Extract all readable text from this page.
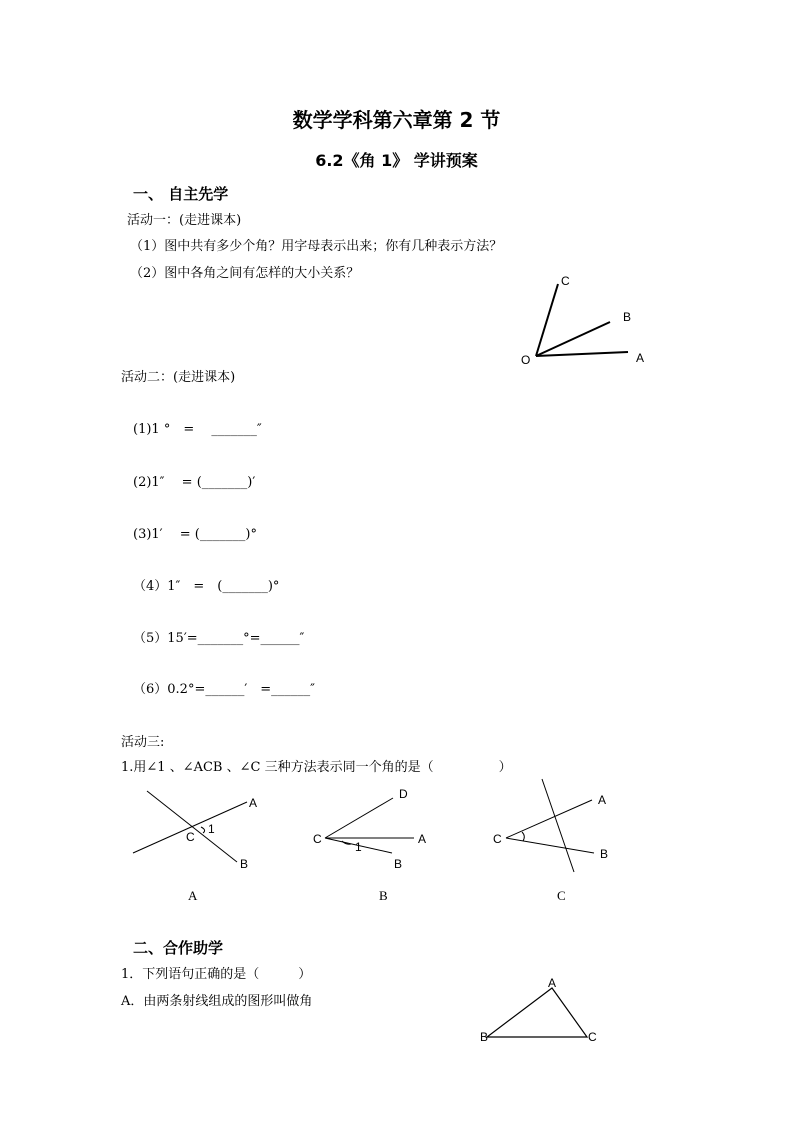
数学学科第六章第 2 节
6.2《角 1》 学讲预案
一、 自主先学
活动一：(走进课本)
（1）图中共有多少个角？用字母表示出来；你有几种表示方法？
（2）图中各角之间有怎样的大小关系？	C
B
O	A
活动二：(走进课本)
(1)1 °　=　 _______″
(2)1″　 = (_______)′
(3)1′　 = (_______)°
（4）1″　=　(_______)°
（5）15′=_______°=______″
（6）0.2°=______′　=______″
活动三:
1.用∠1 、∠ACB 、∠C 三种方法表示同一个角的是（　　　　　）
A
C
1
B
D
C	A
1
B
A
C
B
A	B	C
二、合作助学
1．下列语句正确的是（　　　）
A．由两条射线组成的图形叫做角
A
B	C
